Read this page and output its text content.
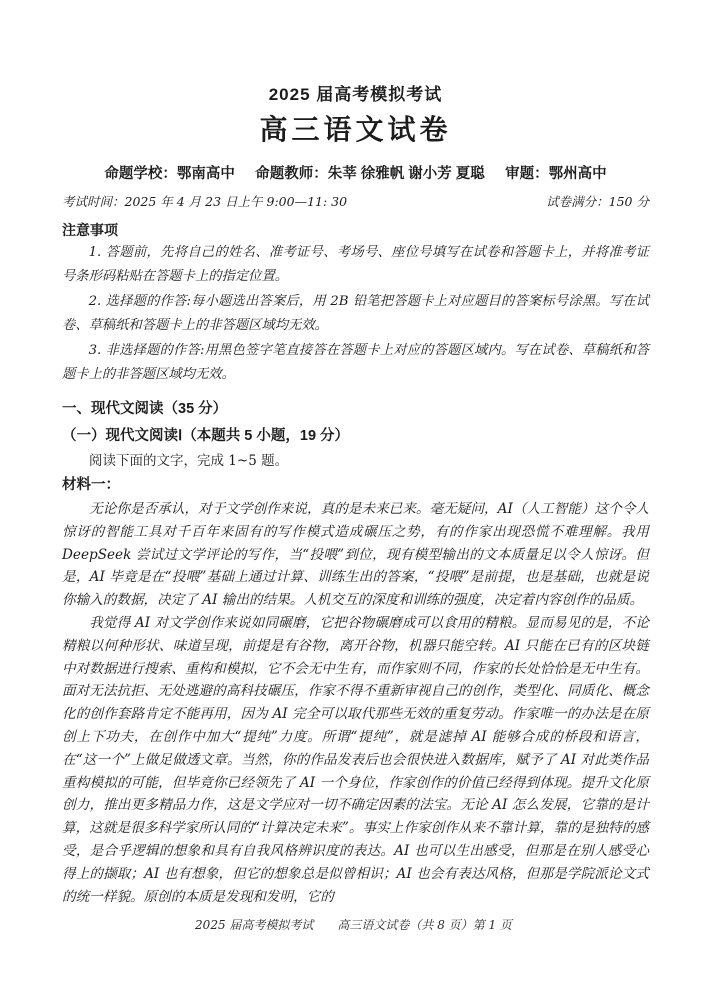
2025 届高考模拟考试
高三语文试卷
命题学校：鄂南高中 命题教师：朱莘 徐雅帆 谢小芳 夏聪 审题：鄂州高中
考试时间：2025 年 4 月 23 日上午 9:00—11: 30	试卷满分：150 分
注意事项

1. 答题前，先将自己的姓名、准考证号、考场号、座位号填写在试卷和答题卡上，并将准考证号条形码粘贴在答题卡上的指定位置。

2. 选择题的作答:每小题选出答案后，用 2B 铅笔把答题卡上对应题目的答案标号涂黑。写在试卷、草稿纸和答题卡上的非答题区域均无效。

3. 非选择题的作答:用黑色签字笔直接答在答题卡上对应的答题区域内。写在试卷、草稿纸和答题卡上的非答题区域均无效。

一、现代文阅读（35 分）
（一）现代文阅读Ⅰ（本题共 5 小题，19 分）
阅读下面的文字，完成 1~5 题。
材料一：

无论你是否承认，对于文学创作来说，真的是未来已来。毫无疑问，AI（人工智能）这个令人惊讶的智能工具对千百年来固有的写作模式造成碾压之势，有的作家出现恐慌不难理解。我用 DeepSeek 尝试过文学评论的写作，当“投喂”到位，现有模型输出的文本质量足以令人惊讶。但是，AI 毕竟是在“投喂”基础上通过计算、训练生出的答案，“投喂”是前提，也是基础，也就是说你输入的数据，决定了 AI 输出的结果。人机交互的深度和训练的强度，决定着内容创作的品质。

我觉得 AI 对文学创作来说如同碾磨，它把谷物碾磨成可以食用的精粮。显而易见的是，不论精粮以何种形状、味道呈现，前提是有谷物，离开谷物，机器只能空转。AI 只能在已有的区块链中对数据进行搜索、重构和模拟，它不会无中生有，而作家则不同，作家的长处恰恰是无中生有。面对无法抗拒、无处逃避的高科技碾压，作家不得不重新审视自己的创作，类型化、同质化、概念化的创作套路肯定不能再用，因为 AI 完全可以取代那些无效的重复劳动。作家唯一的办法是在原创上下功夫，在创作中加大“提纯”力度。所谓“提纯”，就是滤掉 AI 能够合成的桥段和语言，在“这一个”上做足做透文章。当然，你的作品发表后也会很快进入数据库，赋予了 AI 对此类作品重构模拟的可能，但毕竟你已经领先了 AI 一个身位，作家创作的价值已经得到体现。提升文化原创力，推出更多精品力作，这是文学应对一切不确定因素的法宝。无论 AI 怎么发展，它靠的是计算，这就是很多科学家所认同的“计算决定未来”。事实上作家创作从来不靠计算，靠的是独特的感受，是合乎逻辑的想象和具有自我风格辨识度的表达。AI 也可以生出感受，但那是在别人感受心得上的撷取；AI 也有想象，但它的想象总是似曾相识；AI 也会有表达风格，但那是学院派论文式的统一样貌。原创的本质是发现和发明，它的

2025 届高考模拟考试　　高三语文试卷（共 8 页）第 1 页
